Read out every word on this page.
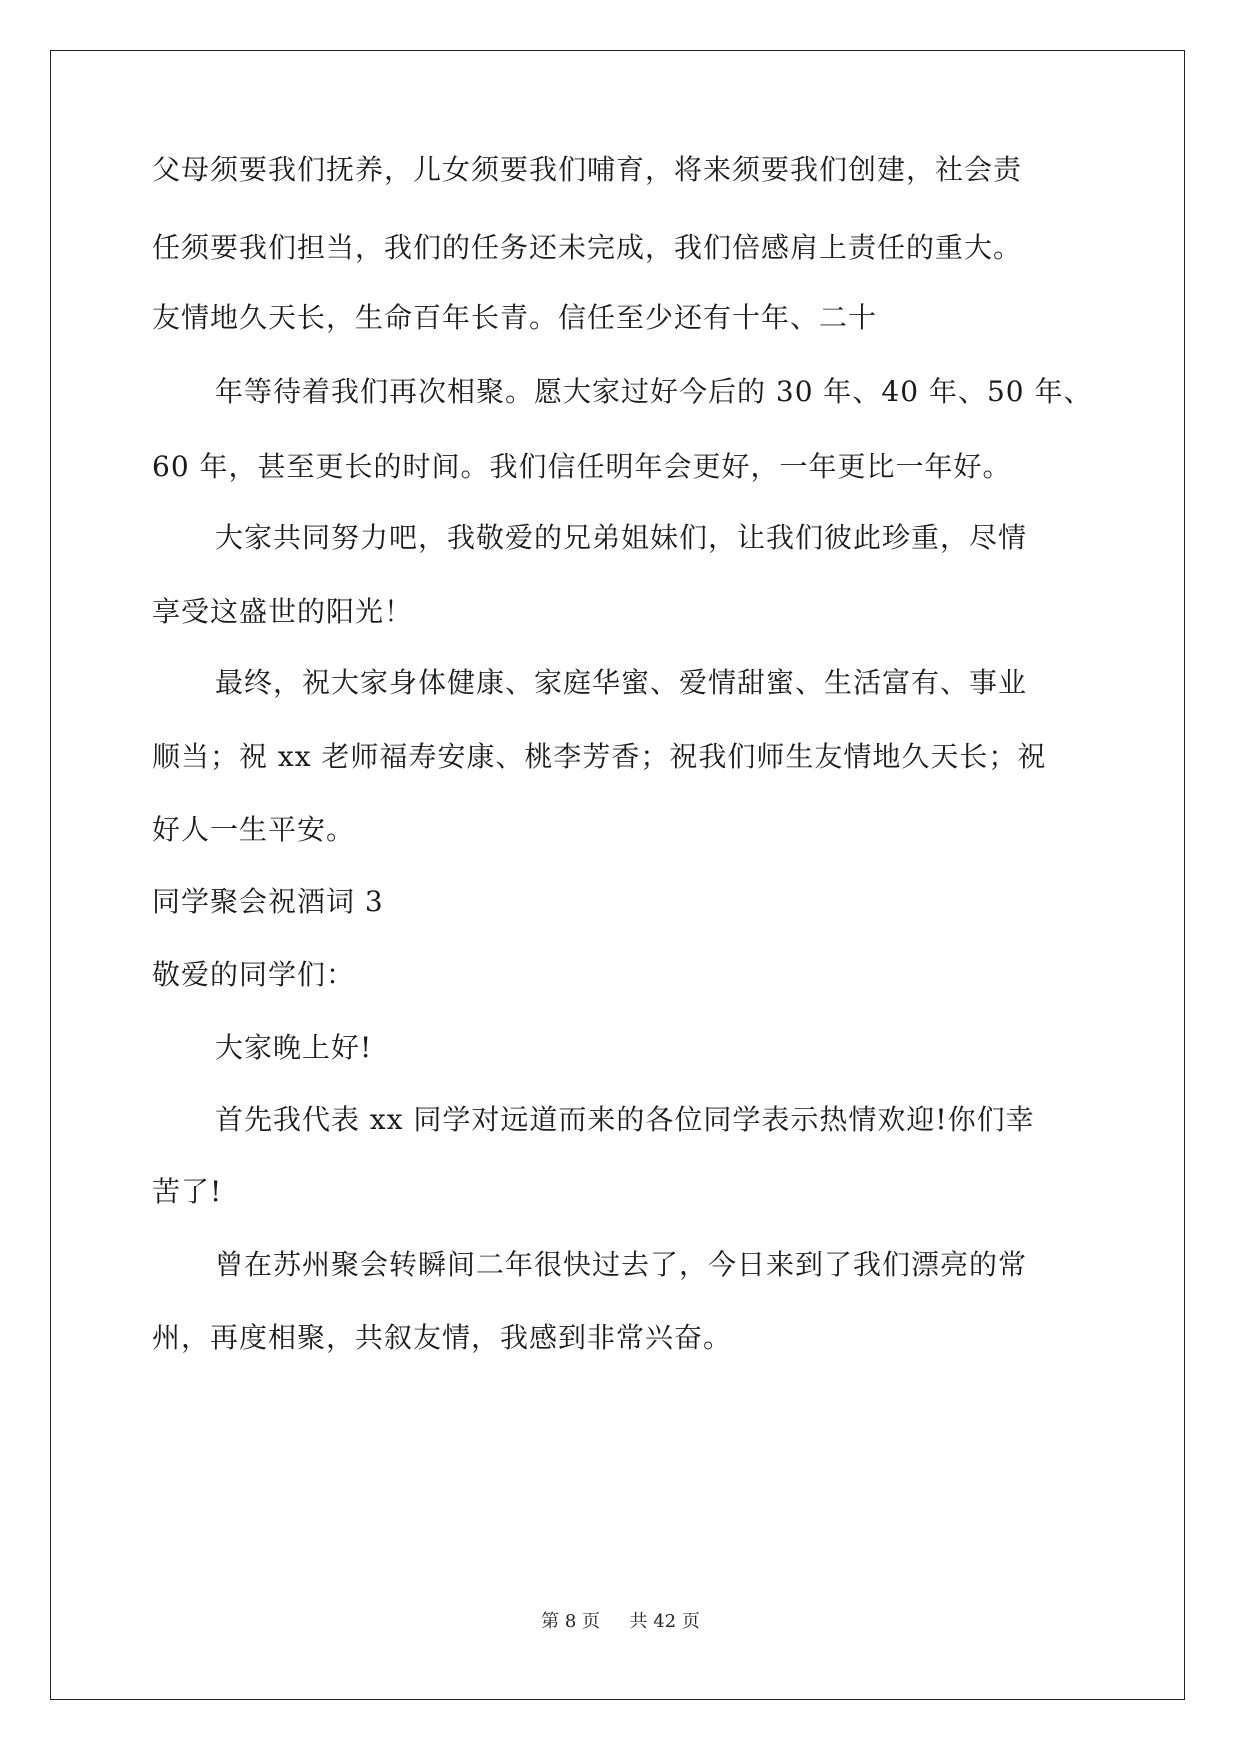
父母须要我们抚养，儿女须要我们哺育，将来须要我们创建，社会责
任须要我们担当，我们的任务还未完成，我们倍感肩上责任的重大。
友情地久天长，生命百年长青。信任至少还有十年、二十
年等待着我们再次相聚。愿大家过好今后的 30 年、40 年、50 年、
60 年，甚至更长的时间。我们信任明年会更好，一年更比一年好。
大家共同努力吧，我敬爱的兄弟姐妹们，让我们彼此珍重，尽情
享受这盛世的阳光！
最终，祝大家身体健康、家庭华蜜、爱情甜蜜、生活富有、事业
顺当；祝 xx 老师福寿安康、桃李芳香；祝我们师生友情地久天长；祝
好人一生平安。
同学聚会祝酒词 3
敬爱的同学们：
大家晚上好!
首先我代表 xx 同学对远道而来的各位同学表示热情欢迎!你们幸
苦了!
曾在苏州聚会转瞬间二年很快过去了，今日来到了我们漂亮的常
州，再度相聚，共叙友情，我感到非常兴奋。
第 8 页 共 42 页
